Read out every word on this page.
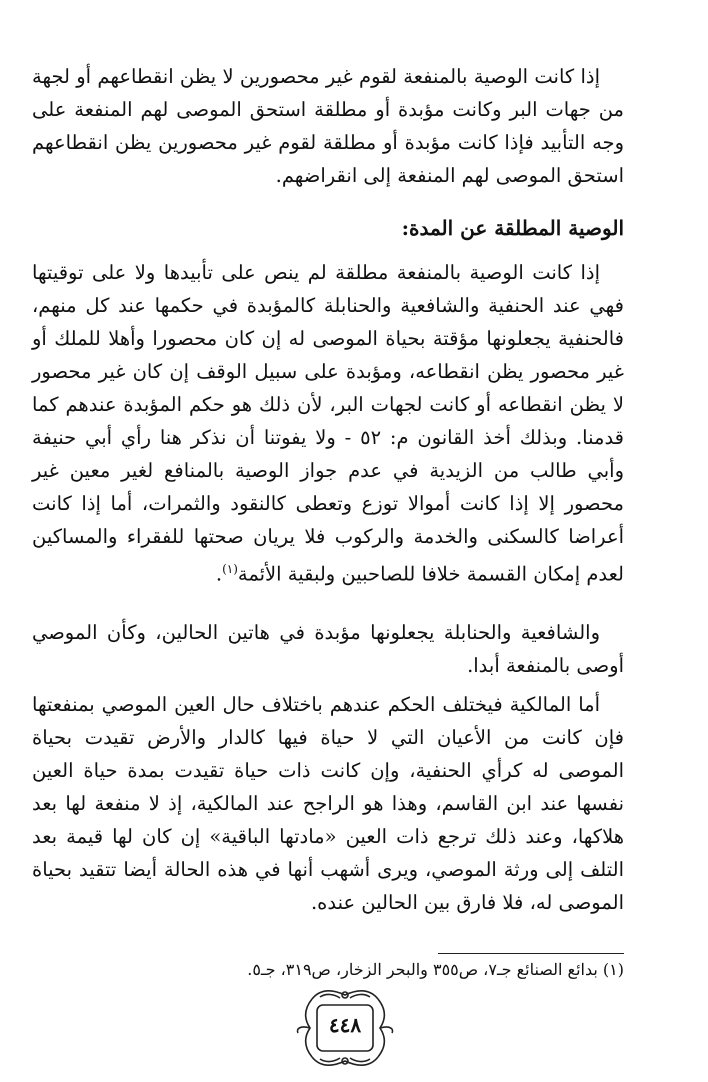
إذا كانت الوصية بالمنفعة لقوم غير محصورين لا يظن انقطاعهم أو لجهة من جهات البر وكانت مؤبدة أو مطلقة استحق الموصى لهم المنفعة على وجه التأبيد فإذا كانت مؤبدة أو مطلقة لقوم غير محصورين يظن انقطاعهم استحق الموصى لهم المنفعة إلى انقراضهم.

الوصية المطلقة عن المدة:

إذا كانت الوصية بالمنفعة مطلقة لم ينص على تأبيدها ولا على توقيتها فهي عند الحنفية والشافعية والحنابلة كالمؤبدة في حكمها عند كل منهم، فالحنفية يجعلونها مؤقتة بحياة الموصى له إن كان محصورا وأهلا للملك أو غير محصور يظن انقطاعه، ومؤبدة على سبيل الوقف إن كان غير محصور لا يظن انقطاعه أو كانت لجهات البر، لأن ذلك هو حكم المؤبدة عندهم كما قدمنا. وبذلك أخذ القانون م: ٥٢ - ولا يفوتنا أن نذكر هنا رأي أبي حنيفة وأبي طالب من الزيدية في عدم جواز الوصية بالمنافع لغير معين غير محصور إلا إذا كانت أموالا توزع وتعطى كالنقود والثمرات، أما إذا كانت أعراضا كالسكنى والخدمة والركوب فلا يريان صحتها للفقراء والمساكين لعدم إمكان القسمة خلافا للصاحبين ولبقية الأئمة$^{(١)}$.

والشافعية والحنابلة يجعلونها مؤبدة في هاتين الحالين، وكأن الموصي أوصى بالمنفعة أبدا.

أما المالكية فيختلف الحكم عندهم باختلاف حال العين الموصي بمنفعتها فإن كانت من الأعيان التي لا حياة فيها كالدار والأرض تقيدت بحياة الموصى له كرأي الحنفية، وإن كانت ذات حياة تقيدت بمدة حياة العين نفسها عند ابن القاسم، وهذا هو الراجح عند المالكية، إذ لا منفعة لها بعد هلاكها، وعند ذلك ترجع ذات العين «مادتها الباقية» إن كان لها قيمة بعد التلف إلى ورثة الموصي، ويرى أشهب أنها في هذه الحالة أيضا تتقيد بحياة الموصى له، فلا فارق بين الحالين عنده.

(١) بدائع الصنائع جـ٧، ص٣٥٥ والبحر الزخار، ص٣١٩، جـ٥.

٤٤٨
